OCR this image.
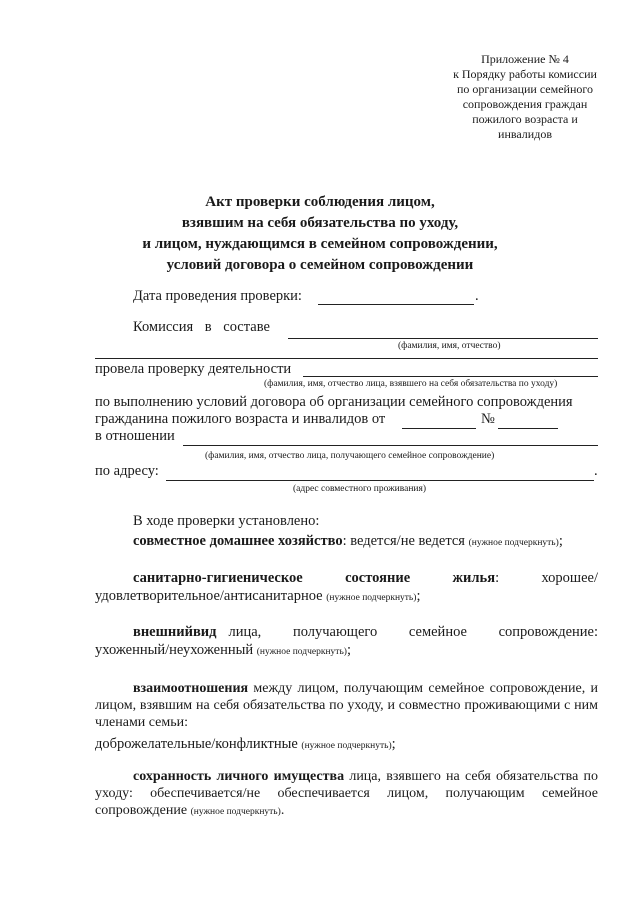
Приложение № 4
к Порядку работы комиссии
по организации семейного
сопровождения граждан
пожилого возраста и
инвалидов
Акт проверки соблюдения лицом,
взявшим на себя обязательства по уходу,
и лицом, нуждающимся в семейном сопровождении,
условий договора о семейном сопровождении
Дата проведения проверки:	.
Комиссия в составе
(фамилия, имя, отчество)
провела проверку деятельности
(фамилия, имя, отчество лица, взявшего на себя обязательства по уходу)
по выполнению условий договора об организации семейного сопровождения
гражданина пожилого возраста и инвалидов от	№
в отношении
(фамилия, имя, отчество лица, получающего семейное сопровождение)
по адресу:	.
(адрес совместного проживания)
В ходе проверки установлено:
совместное домашнее хозяйство: ведется/не ведется (нужное подчеркнуть);
санитарно-гигиеническое	состояние	жилья:	хорошее/
удовлетворительное/антисанитарное (нужное подчеркнуть);
внешний вид лица, получающего семейное сопровождение:
ухоженный/неухоженный (нужное подчеркнуть);
взаимоотношения между лицом, получающим семейное сопровождение, и лицом, взявшим на себя обязательства по уходу, и совместно проживающими с ним членами семьи:
доброжелательные/конфликтные (нужное подчеркнуть);
сохранность личного имущества лица, взявшего на себя обязательства по уходу: обеспечивается/не обеспечивается лицом, получающим семейное сопровождение (нужное подчеркнуть).
